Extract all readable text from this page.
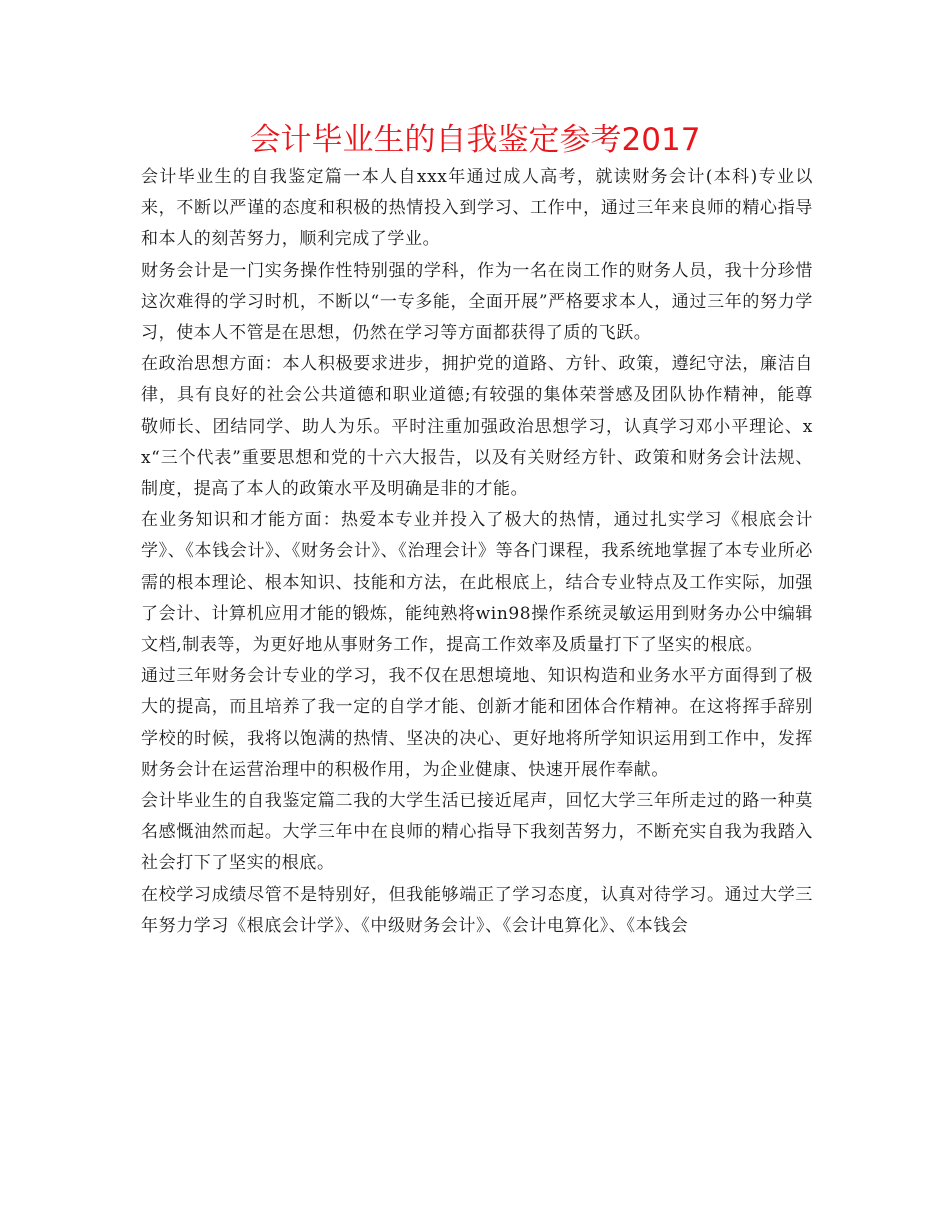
会计毕业生的自我鉴定参考2017

会计毕业生的自我鉴定篇一本人自xxx年通过成人高考，就读财务会计(本科)专业以来，不断以严谨的态度和积极的热情投入到学习、工作中，通过三年来良师的精心指导和本人的刻苦努力，顺利完成了学业。

财务会计是一门实务操作性特别强的学科，作为一名在岗工作的财务人员，我十分珍惜这次难得的学习时机，不断以“一专多能，全面开展”严格要求本人，通过三年的努力学习，使本人不管是在思想，仍然在学习等方面都获得了质的飞跃。

在政治思想方面：本人积极要求进步，拥护党的道路、方针、政策，遵纪守法，廉洁自律，具有良好的社会公共道德和职业道德;有较强的集体荣誉感及团队协作精神，能尊敬师长、团结同学、助人为乐。平时注重加强政治思想学习，认真学习邓小平理论、xx“三个代表”重要思想和党的十六大报告，以及有关财经方针、政策和财务会计法规、制度，提高了本人的政策水平及明确是非的才能。

在业务知识和才能方面：热爱本专业并投入了极大的热情，通过扎实学习《根底会计学》、《本钱会计》、《财务会计》、《治理会计》等各门课程，我系统地掌握了本专业所必需的根本理论、根本知识、技能和方法，在此根底上，结合专业特点及工作实际，加强了会计、计算机应用才能的锻炼，能纯熟将win98操作系统灵敏运用到财务办公中编辑文档,制表等，为更好地从事财务工作，提高工作效率及质量打下了坚实的根底。

通过三年财务会计专业的学习，我不仅在思想境地、知识构造和业务水平方面得到了极大的提高，而且培养了我一定的自学才能、创新才能和团体合作精神。在这将挥手辞别学校的时候，我将以饱满的热情、坚决的决心、更好地将所学知识运用到工作中，发挥财务会计在运营治理中的积极作用，为企业健康、快速开展作奉献。

会计毕业生的自我鉴定篇二我的大学生活已接近尾声，回忆大学三年所走过的路一种莫名感慨油然而起。大学三年中在良师的精心指导下我刻苦努力，不断充实自我为我踏入社会打下了坚实的根底。

在校学习成绩尽管不是特别好，但我能够端正了学习态度，认真对待学习。通过大学三年努力学习《根底会计学》、《中级财务会计》、《会计电算化》、《本钱会
